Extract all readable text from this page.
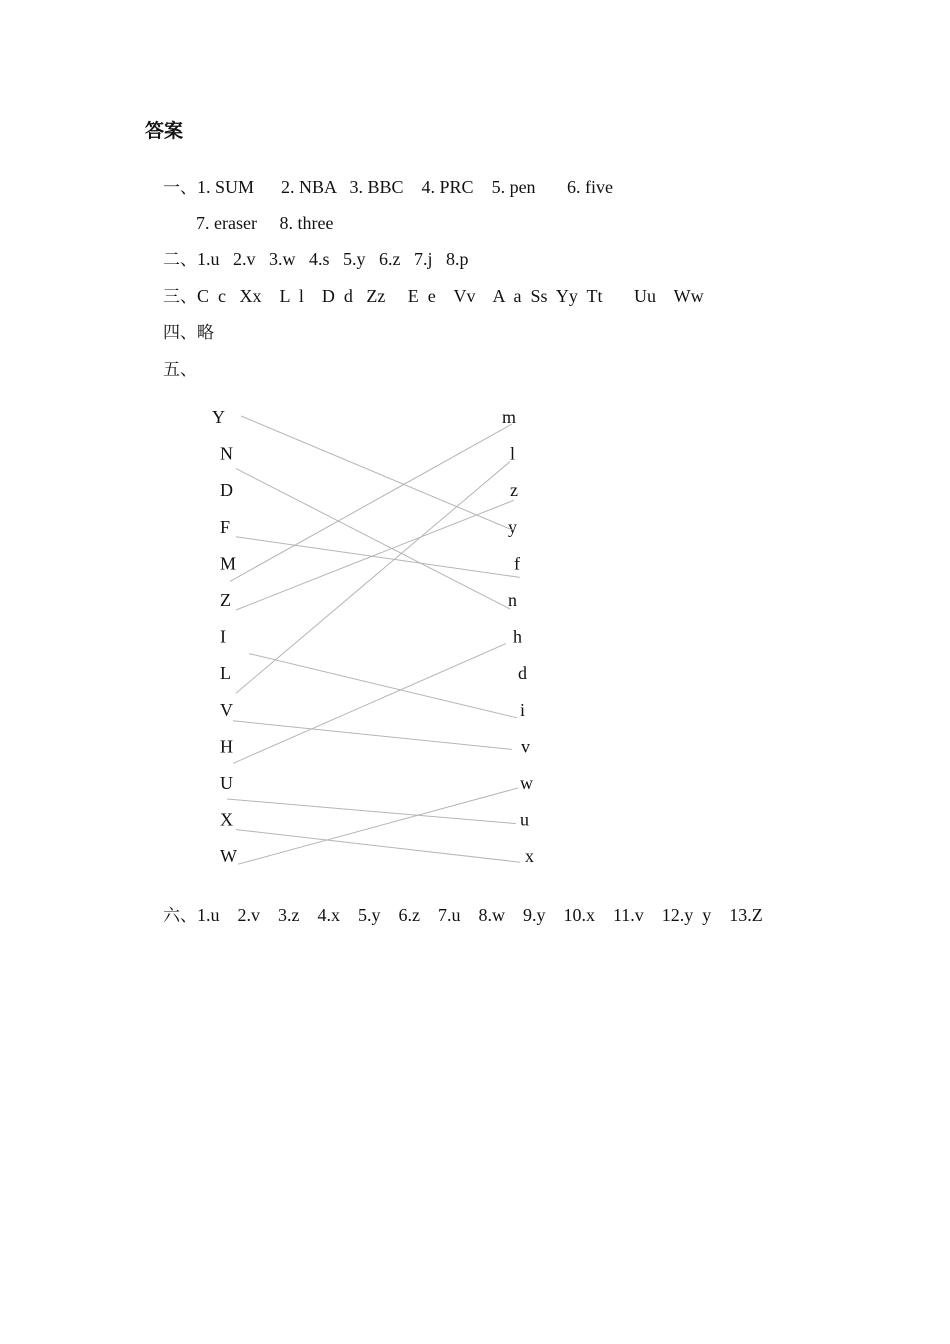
答案

一、1. SUM      2. NBA   3. BBC    4. PRC    5. pen       6. five

7. eraser     8. three

二、1.u   2.v   3.w   4.s   5.y   6.z   7.j   8.p

三、C  c   Xx    L  l    D  d   Zz     E  e    Vv    A  a  Ss  Yy  Tt       Uu    Ww

四、略

五、

Y
N
D
F
M
Z
I
L
V
H
U
X
W
m
l
z
y
f
n
h
d
i
v
w
u
x

六、1.u    2.v    3.z    4.x    5.y    6.z    7.u    8.w    9.y    10.x    11.v    12.y  y    13.Z
